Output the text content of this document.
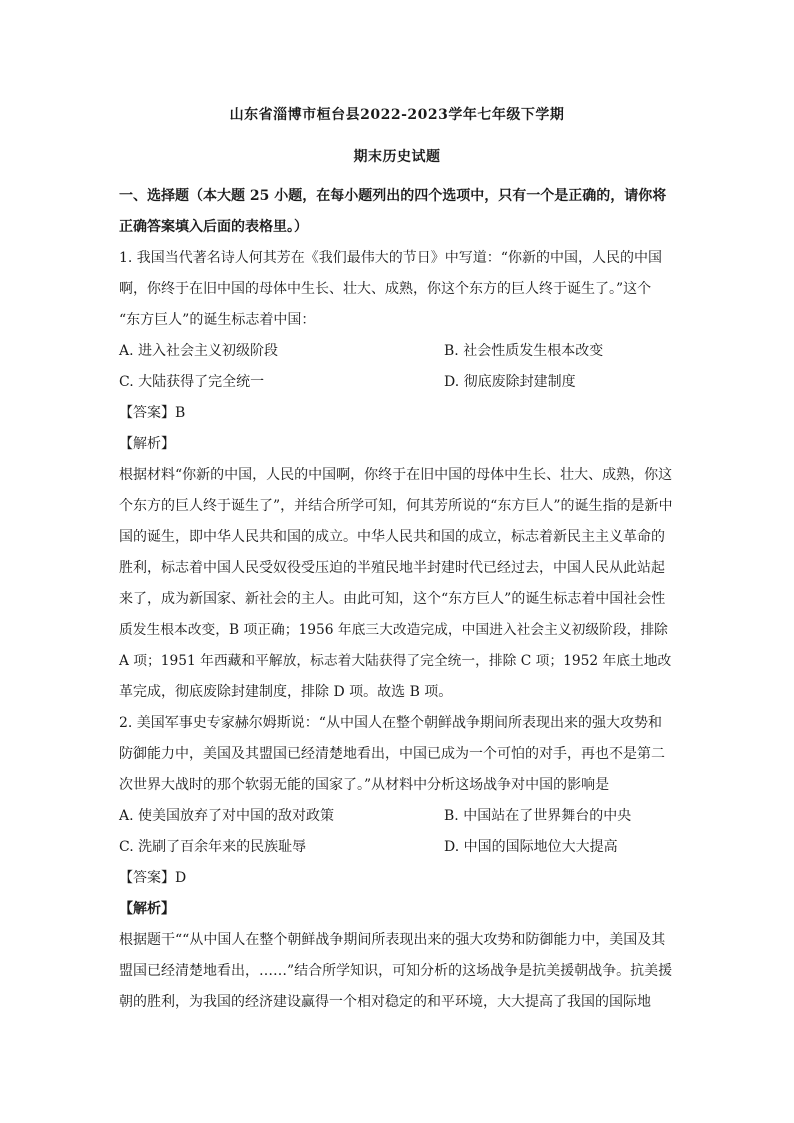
山东省淄博市桓台县2022-2023学年七年级下学期
期末历史试题
一、选择题（本大题 25 小题，在每小题列出的四个选项中，只有一个是正确的，请你将
正确答案填入后面的表格里。）
1. 我国当代著名诗人何其芳在《我们最伟大的节日》中写道：“你新的中国，人民的中国
啊，你终于在旧中国的母体中生长、壮大、成熟，你这个东方的巨人终于诞生了。”这个
“东方巨人”的诞生标志着中国：
A. 进入社会主义初级阶段	B. 社会性质发生根本改变
C. 大陆获得了完全统一	D. 彻底废除封建制度
【答案】B
【解析】
根据材料“你新的中国，人民的中国啊，你终于在旧中国的母体中生长、壮大、成熟，你这
个东方的巨人终于诞生了”，并结合所学可知，何其芳所说的“东方巨人”的诞生指的是新中
国的诞生，即中华人民共和国的成立。中华人民共和国的成立，标志着新民主主义革命的
胜利，标志着中国人民受奴役受压迫的半殖民地半封建时代已经过去，中国人民从此站起
来了，成为新国家、新社会的主人。由此可知，这个“东方巨人”的诞生标志着中国社会性
质发生根本改变，B 项正确；1956 年底三大改造完成，中国进入社会主义初级阶段，排除
A 项；1951 年西藏和平解放，标志着大陆获得了完全统一，排除 C 项；1952 年底土地改
革完成，彻底废除封建制度，排除 D 项。故选 B 项。
2. 美国军事史专家赫尔姆斯说：“从中国人在整个朝鲜战争期间所表现出来的强大攻势和
防御能力中，美国及其盟国已经清楚地看出，中国已成为一个可怕的对手，再也不是第二
次世界大战时的那个软弱无能的国家了。”从材料中分析这场战争对中国的影响是
A. 使美国放弃了对中国的敌对政策	B. 中国站在了世界舞台的中央
C. 洗刷了百余年来的民族耻辱	D. 中国的国际地位大大提高
【答案】D
【解析】
根据题干““从中国人在整个朝鲜战争期间所表现出来的强大攻势和防御能力中，美国及其
盟国已经清楚地看出，……”结合所学知识，可知分析的这场战争是抗美援朝战争。抗美援
朝的胜利，为我国的经济建设赢得一个相对稳定的和平环境，大大提高了我国的国际地
